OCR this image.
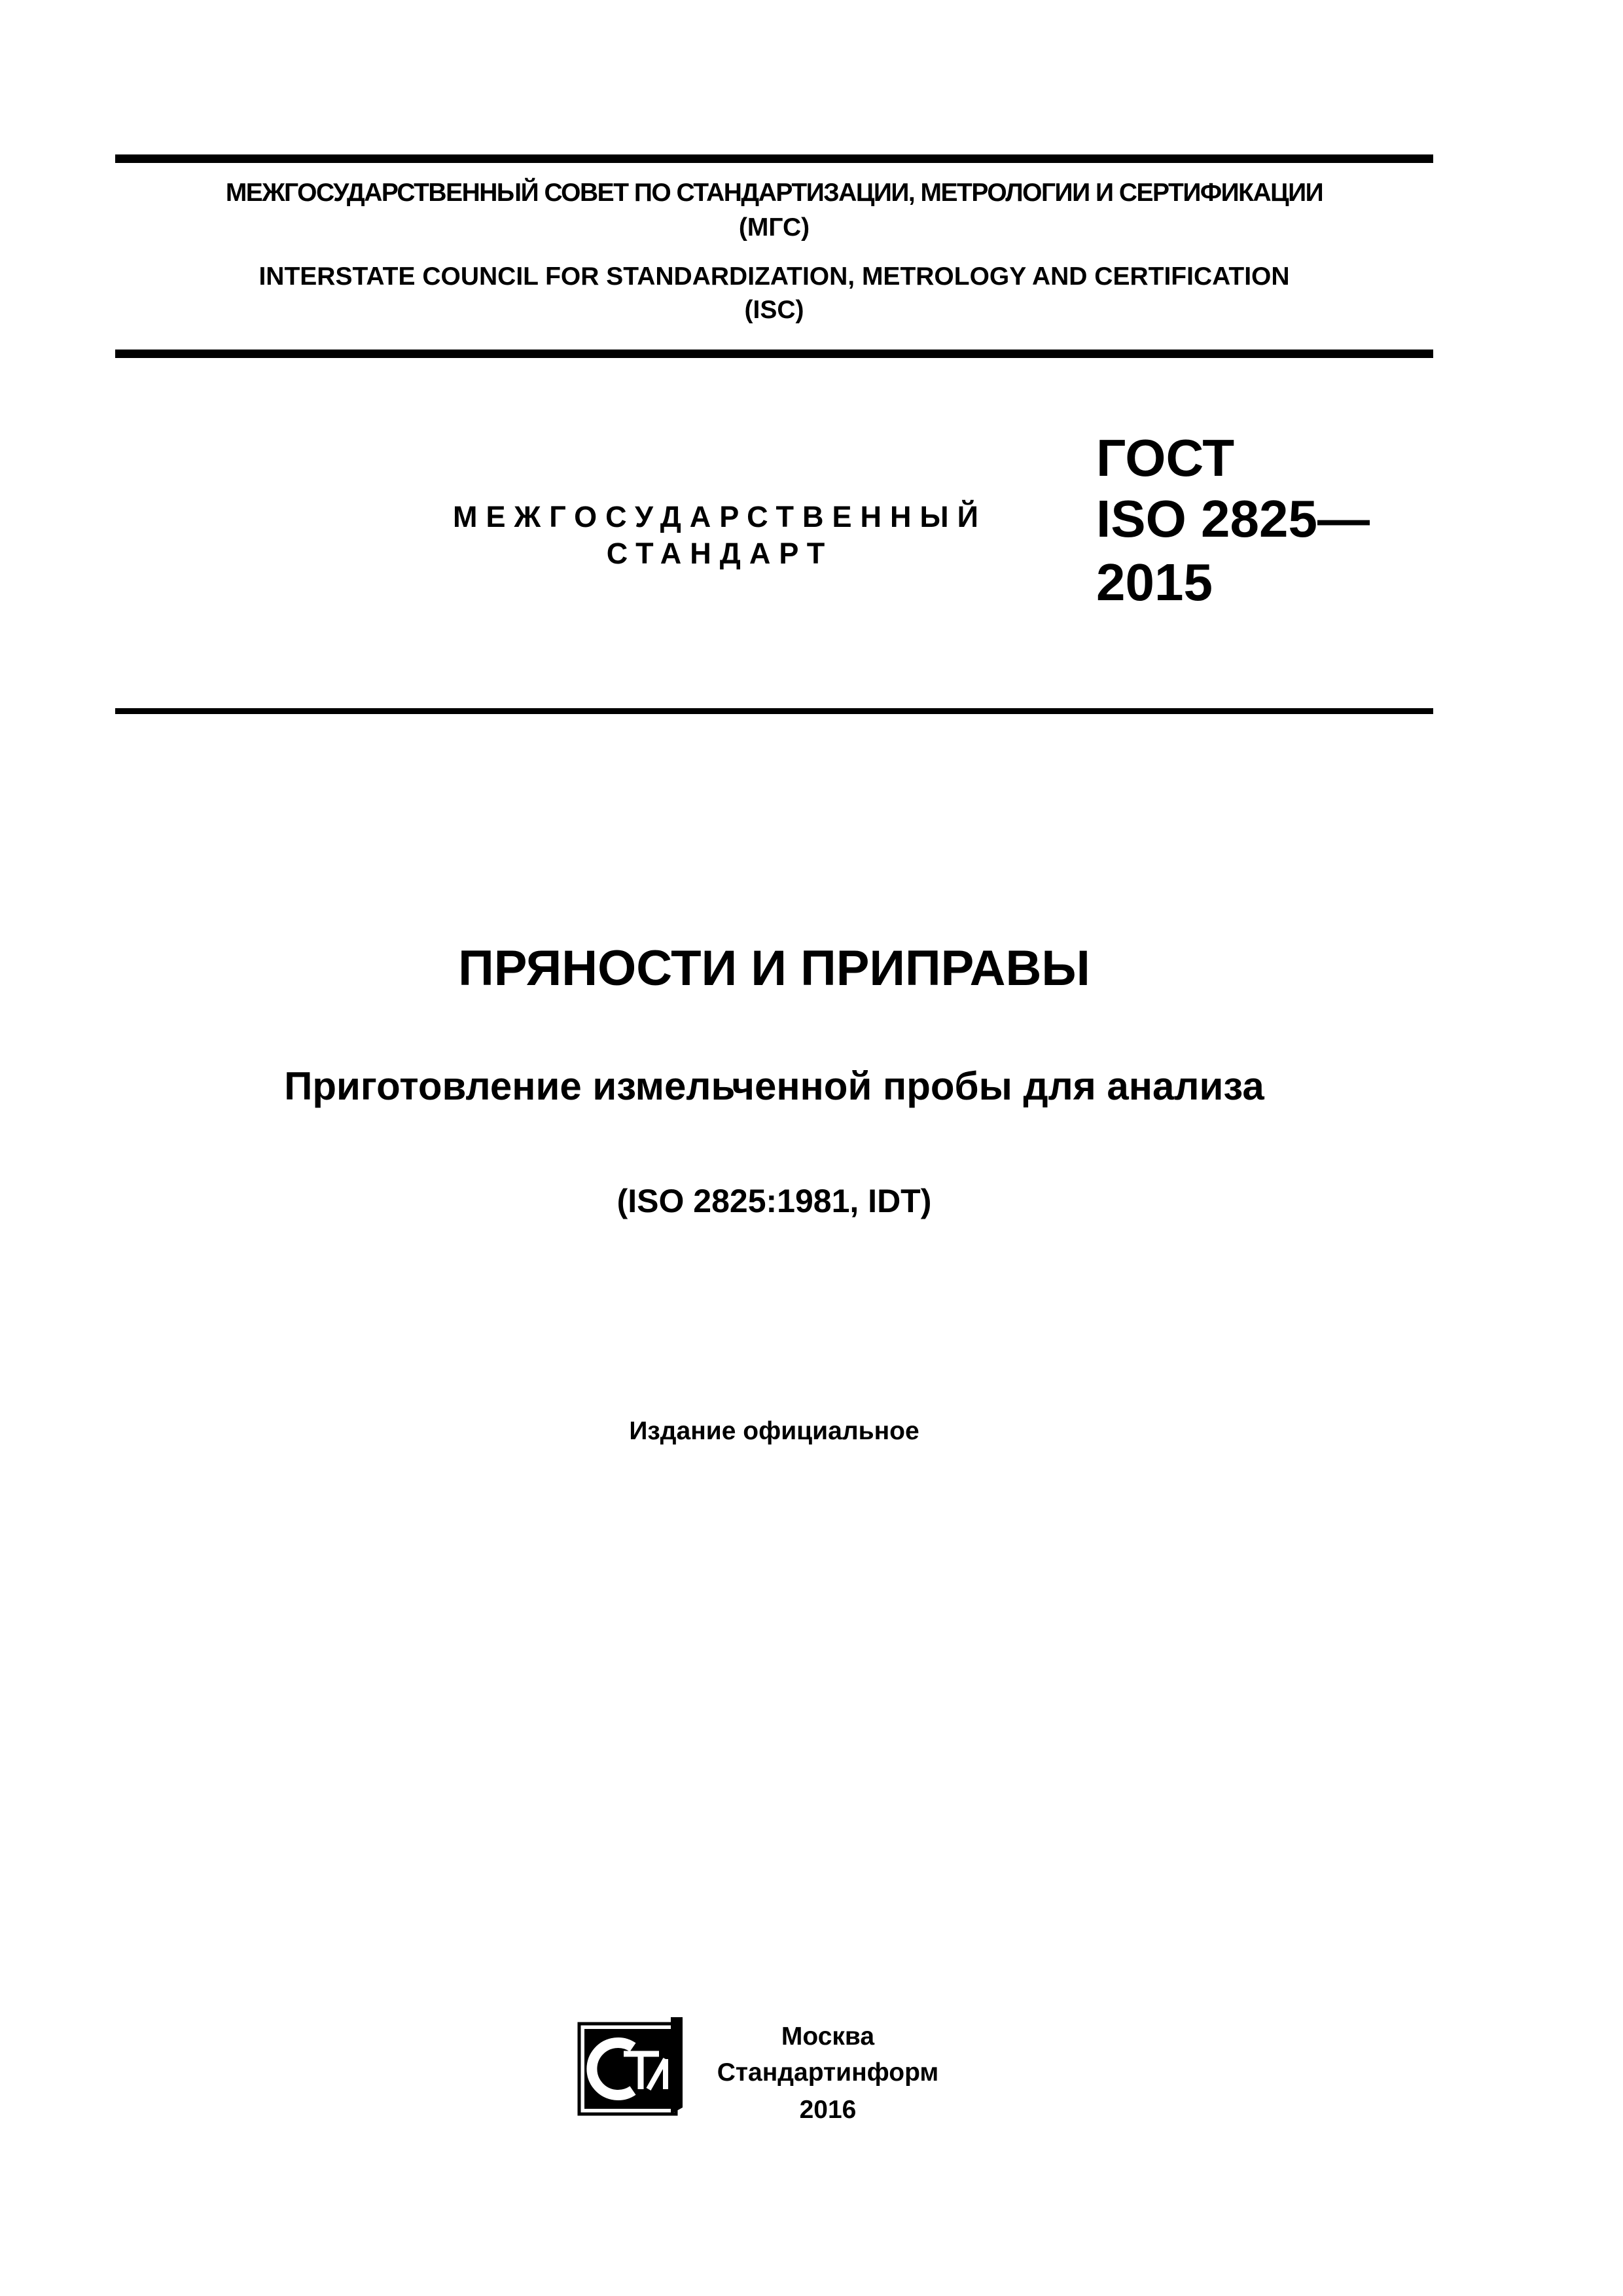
МЕЖГОСУДАРСТВЕННЫЙ СОВЕТ ПО СТАНДАРТИЗАЦИИ, МЕТРОЛОГИИ И СЕРТИФИКАЦИИ
(МГС)
INTERSTATE COUNCIL FOR STANDARDIZATION, METROLOGY AND CERTIFICATION
(ISC)
МЕЖГОСУДАРСТВЕННЫЙ
СТАНДАРТ
ГОСТ
ISO 2825—
2015
ПРЯНОСТИ И ПРИПРАВЫ
Приготовление измельченной пробы для анализа
(ISO 2825:1981, IDT)
Издание официальное
Москва
Стандартинформ
2016
